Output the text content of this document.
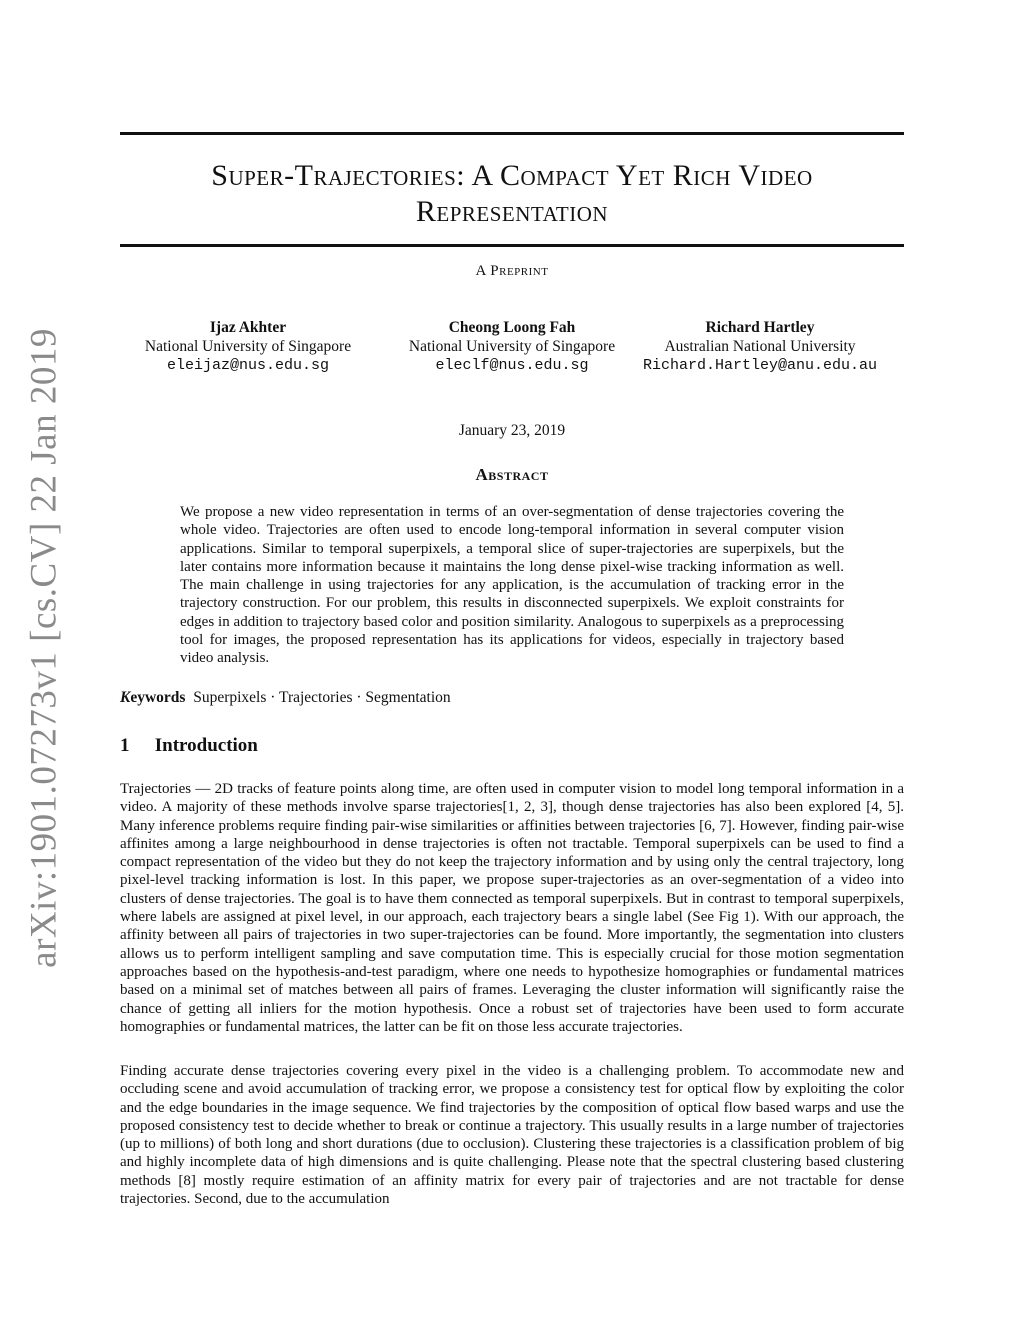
arXiv:1901.07273v1 [cs.CV] 22 Jan 2019
Super-Trajectories: A Compact Yet Rich Video
Representation
A Preprint
Ijaz Akhter
National University of Singapore
eleijaz@nus.edu.sg
Cheong Loong Fah
National University of Singapore
eleclf@nus.edu.sg
Richard Hartley
Australian National University
Richard.Hartley@anu.edu.au
January 23, 2019
Abstract

We propose a new video representation in terms of an over-segmentation of dense trajectories covering the whole video. Trajectories are often used to encode long-temporal information in several computer vision applications. Similar to temporal superpixels, a temporal slice of super-trajectories are superpixels, but the later contains more information because it maintains the long dense pixel-wise tracking information as well. The main challenge in using trajectories for any application, is the accumulation of tracking error in the trajectory construction. For our problem, this results in disconnected superpixels. We exploit constraints for edges in addition to trajectory based color and position similarity. Analogous to superpixels as a preprocessing tool for images, the proposed representation has its applications for videos, especially in trajectory based video analysis.

Keywords Superpixels · Trajectories · Segmentation
1 Introduction

Trajectories — 2D tracks of feature points along time, are often used in computer vision to model long temporal information in a video. A majority of these methods involve sparse trajectories[1, 2, 3], though dense trajectories has also been explored [4, 5]. Many inference problems require finding pair-wise similarities or affinities between trajectories [6, 7]. However, finding pair-wise affinites among a large neighbourhood in dense trajectories is often not tractable. Temporal superpixels can be used to find a compact representation of the video but they do not keep the trajectory information and by using only the central trajectory, long pixel-level tracking information is lost. In this paper, we propose super-trajectories as an over-segmentation of a video into clusters of dense trajectories. The goal is to have them connected as temporal superpixels. But in contrast to temporal superpixels, where labels are assigned at pixel level, in our approach, each trajectory bears a single label (See Fig 1). With our approach, the affinity between all pairs of trajectories in two super-trajectories can be found. More importantly, the segmentation into clusters allows us to perform intelligent sampling and save computation time. This is especially crucial for those motion segmentation approaches based on the hypothesis-and-test paradigm, where one needs to hypothesize homographies or fundamental matrices based on a minimal set of matches between all pairs of frames. Leveraging the cluster information will significantly raise the chance of getting all inliers for the motion hypothesis. Once a robust set of trajectories have been used to form accurate homographies or fundamental matrices, the latter can be fit on those less accurate trajectories.

Finding accurate dense trajectories covering every pixel in the video is a challenging problem. To accommodate new and occluding scene and avoid accumulation of tracking error, we propose a consistency test for optical flow by exploiting the color and the edge boundaries in the image sequence. We find trajectories by the composition of optical flow based warps and use the proposed consistency test to decide whether to break or continue a trajectory. This usually results in a large number of trajectories (up to millions) of both long and short durations (due to occlusion). Clustering these trajectories is a classification problem of big and highly incomplete data of high dimensions and is quite challenging. Please note that the spectral clustering based clustering methods [8] mostly require estimation of an affinity matrix for every pair of trajectories and are not tractable for dense trajectories. Second, due to the accumulation
